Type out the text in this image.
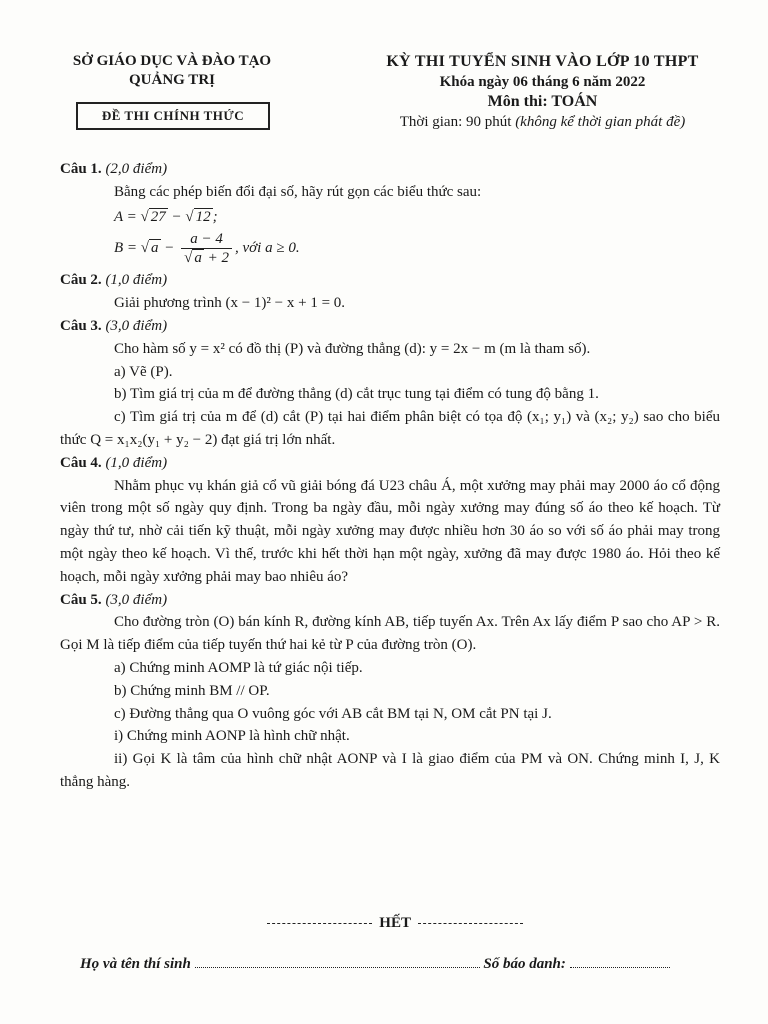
SỞ GIÁO DỤC VÀ ĐÀO TẠO
QUẢNG TRỊ
ĐỀ THI CHÍNH THỨC
KỲ THI TUYỂN SINH VÀO LỚP 10 THPT
Khóa ngày 06 tháng 6 năm 2022
Môn thi: TOÁN
Thời gian: 90 phút (không kể thời gian phát đề)
Câu 1. (2,0 điểm)
Bằng các phép biến đổi đại số, hãy rút gọn các biểu thức sau:
A = √ 27 − √ 12 ;
B = √ $a - \frac{a - 4}{√ a + 2}$ , với a ≥ 0.
Câu 2. (1,0 điểm)
Giải phương trình (x − 1)² − x + 1 = 0.
Câu 3. (3,0 điểm)
Cho hàm số y = x² có đồ thị (P) và đường thẳng (d): y = 2x − m (m là tham số).
a) Vẽ (P).
b) Tìm giá trị của m để đường thẳng (d) cắt trục tung tại điểm có tung độ bằng 1.
c) Tìm giá trị của m để (d) cắt (P) tại hai điểm phân biệt có tọa độ (x₁; y₁) và (x₂; y₂) sao cho biểu thức Q = x₁x₂(y₁ + y₂ − 2) đạt giá trị lớn nhất.
Câu 4. (1,0 điểm)
Nhằm phục vụ khán giả cổ vũ giải bóng đá U23 châu Á, một xưởng may phải may 2000 áo cổ động viên trong một số ngày quy định. Trong ba ngày đầu, mỗi ngày xưởng may đúng số áo theo kế hoạch. Từ ngày thứ tư, nhờ cải tiến kỹ thuật, mỗi ngày xưởng may được nhiều hơn 30 áo so với số áo phải may trong một ngày theo kế hoạch. Vì thế, trước khi hết thời hạn một ngày, xưởng đã may được 1980 áo. Hỏi theo kế hoạch, mỗi ngày xưởng phải may bao nhiêu áo?
Câu 5. (3,0 điểm)
Cho đường tròn (O) bán kính R, đường kính AB, tiếp tuyến Ax. Trên Ax lấy điểm P sao cho AP > R. Gọi M là tiếp điểm của tiếp tuyến thứ hai kẻ từ P của đường tròn (O).
a) Chứng minh AOMP là tứ giác nội tiếp.
b) Chứng minh BM // OP.
c) Đường thẳng qua O vuông góc với AB cắt BM tại N, OM cắt PN tại J.
i) Chứng minh AONP là hình chữ nhật.
ii) Gọi K là tâm của hình chữ nhật AONP và I là giao điểm của PM và ON. Chứng minh I, J, K thẳng hàng.
HẾT
Họ và tên thí sinh	Số báo danh:
